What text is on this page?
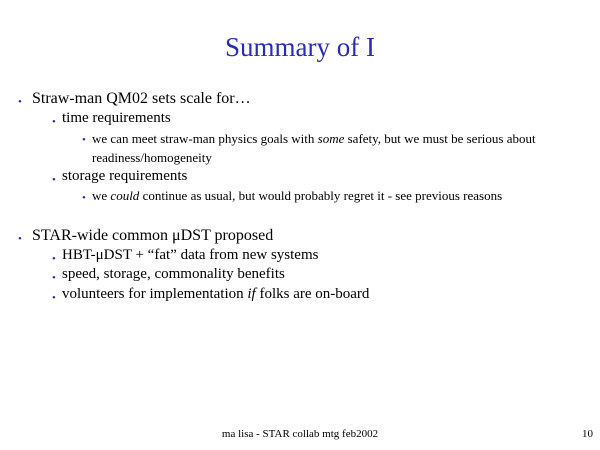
Summary of I
• Straw-man QM02 sets scale for…
• time requirements
• we can meet straw-man physics goals with some safety, but we must be serious about readiness/homogeneity
• storage requirements
• we could continue as usual, but would probably regret it - see previous reasons
• STAR-wide common μDST proposed
• HBT-μDST + “fat” data from new systems
• speed, storage, commonality benefits
• volunteers for implementation if folks are on-board
ma lisa - STAR collab mtg feb2002	10
